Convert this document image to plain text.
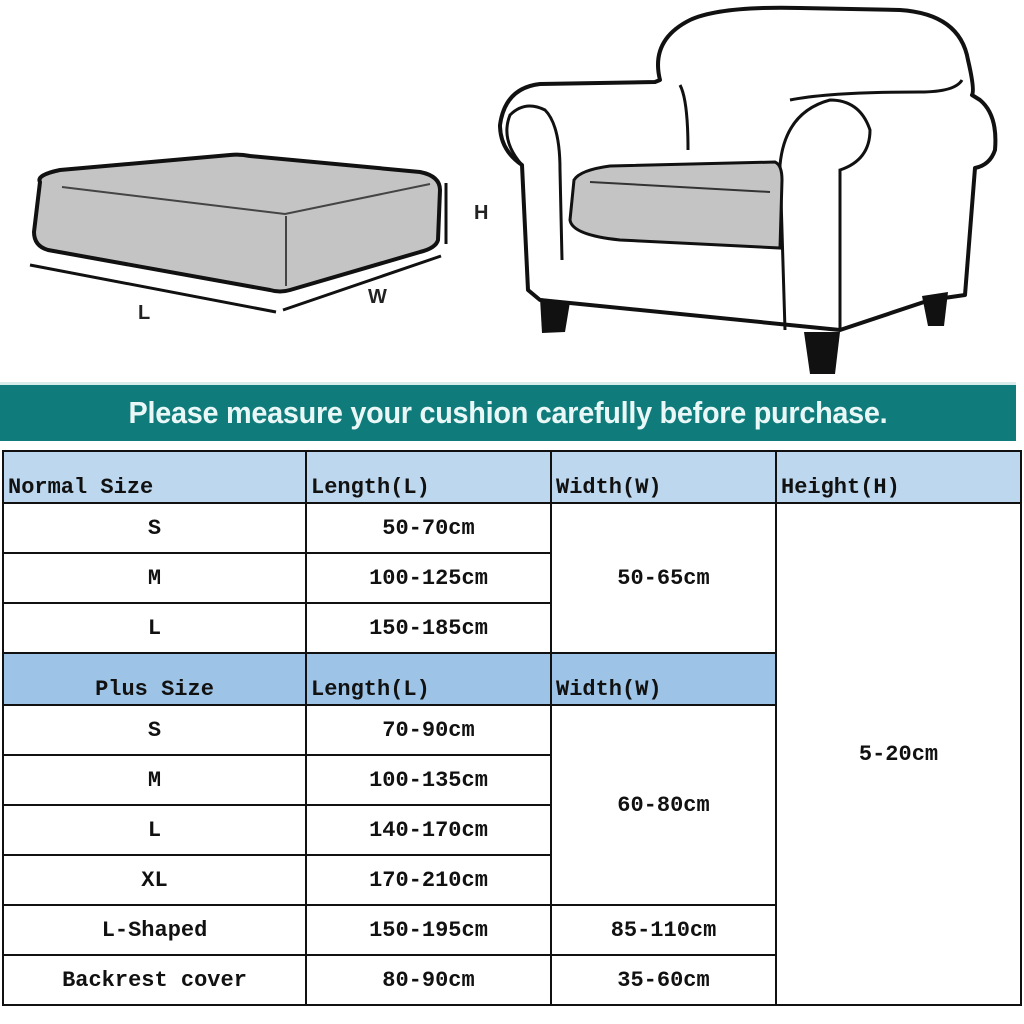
L
W
H
Please measure your cushion carefully before purchase.
Normal Size	Length(L)	Width(W)	Height(H)
S	50-70cm	50-65cm	5-20cm
M	100-125cm		
L	150-185cm		
Plus Size	Length(L)	Width(W)	
S	70-90cm	60-80cm	
M	100-135cm		
L	140-170cm		
XL	170-210cm		
L-Shaped	150-195cm	85-110cm	
Backrest cover	80-90cm	35-60cm	
